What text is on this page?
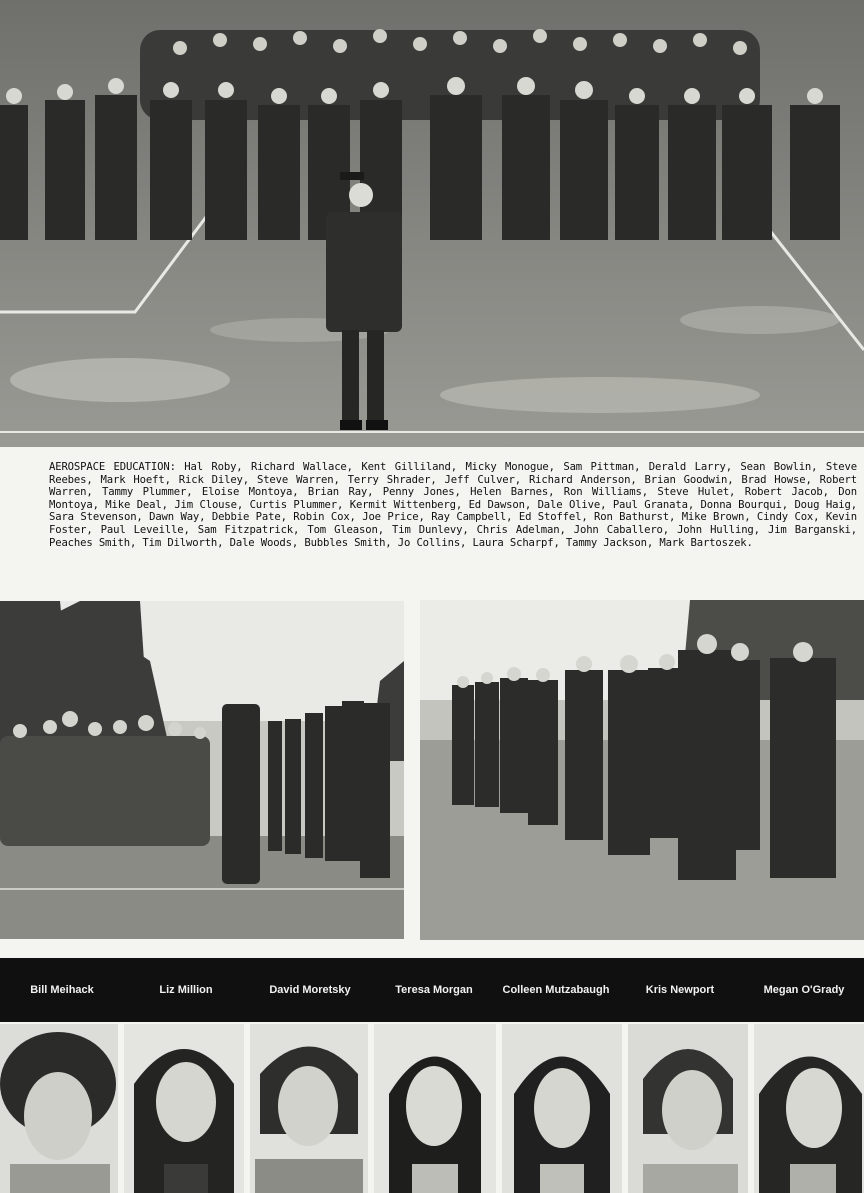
AEROSPACE EDUCATION: Hal Roby, Richard Wallace, Kent Gilliland, Micky Monogue, Sam Pittman, Derald Larry, Sean Bowlin, Steve Reebes, Mark Hoeft, Rick Diley, Steve Warren, Terry Shrader, Jeff Culver, Richard Anderson, Brian Goodwin, Brad Howse, Robert Warren, Tammy Plummer, Eloise Montoya, Brian Ray, Penny Jones, Helen Barnes, Ron Williams, Steve Hulet, Robert Jacob, Don Montoya, Mike Deal, Jim Clouse, Curtis Plummer, Kermit Wittenberg, Ed Dawson, Dale Olive, Paul Granata, Donna Bourqui, Doug Haig, Sara Stevenson, Dawn Way, Debbie Pate, Robin Cox, Joe Price, Ray Campbell, Ed Stoffel, Ron Bathurst, Mike Brown, Cindy Cox, Kevin Foster, Paul Leveille, Sam Fitzpatrick, Tom Gleason, Tim Dunlevy, Chris Adelman, John Caballero, John Hulling, Jim Barganski, Peaches Smith, Tim Dilworth, Dale Woods, Bubbles Smith, Jo Collins, Laura Scharpf, Tammy Jackson, Mark Bartoszek.
Bill Meihack	Liz Million	David Moretsky	Teresa Morgan	Colleen Mutzabaugh	Kris Newport	Megan O'Grady
